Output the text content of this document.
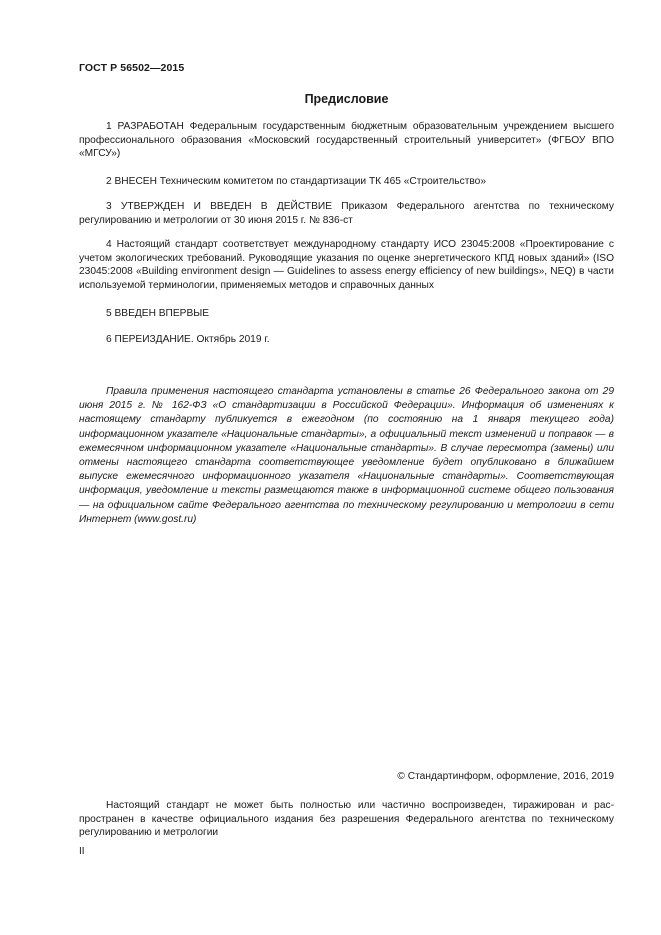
ГОСТ Р 56502—2015
Предисловие

1 РАЗРАБОТАН Федеральным государственным бюджетным образовательным учреждением высшего профессионального образования «Московский государственный строительный университет» (ФГБОУ ВПО «МГСУ»)

2 ВНЕСЕН Техническим комитетом по стандартизации ТК 465 «Строительство»

3 УТВЕРЖДЕН И ВВЕДЕН В ДЕЙСТВИЕ Приказом Федерального агентства по техническому регулированию и метрологии от 30 июня 2015 г. № 836-ст

4 Настоящий стандарт соответствует международному стандарту ИСО 23045:2008 «Проектирование с учетом экологических требований. Руководящие указания по оценке энергетического КПД новых зданий» (ISO 23045:2008 «Building environment design — Guidelines to assess energy efficiency of new buildings», NEQ) в части используемой терминологии, применяемых методов и справочных данных

5 ВВЕДЕН ВПЕРВЫЕ

6 ПЕРЕИЗДАНИЕ. Октябрь 2019 г.

Правила применения настоящего стандарта установлены в статье 26 Федерального закона от 29 июня 2015 г. № 162-ФЗ «О стандартизации в Российской Федерации». Информация об изменениях к настоящему стандарту публикуется в ежегодном (по состоянию на 1 января текущего года) информационном указателе «Национальные стандарты», а официальный текст изменений и поправок — в ежемесячном информационном указателе «Национальные стандарты». В случае пересмотра (замены) или отмены настоящего стандарта соответствующее уведомление будет опубликовано в ближайшем выпуске ежемесячного информационного указателя «Национальные стандарты». Соответствующая информация, уведомление и тексты размещаются также в информационной системе общего пользования — на официальном сайте Федерального агентства по техническому регулированию и метрологии в сети Интернет (www.gost.ru)

© Стандартинформ, оформление, 2016, 2019

Настоящий стандарт не может быть полностью или частично воспроизведен, тиражирован и распространен в качестве официального издания без разрешения Федерального агентства по техническому регулированию и метрологии

II
